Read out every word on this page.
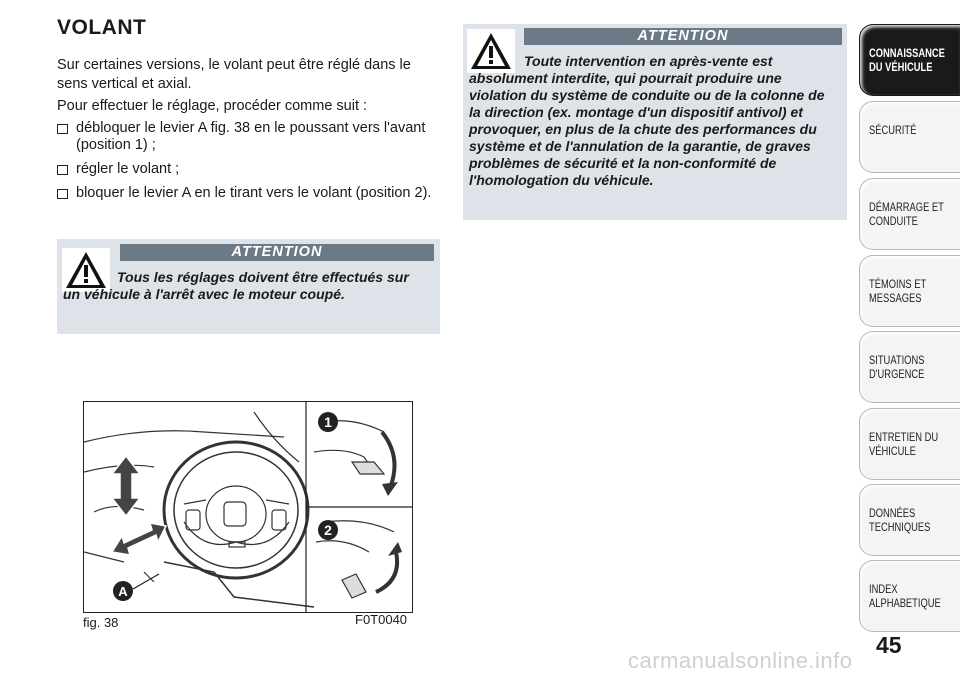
VOLANT

Sur certaines versions, le volant peut être réglé dans le sens vertical et axial.

Pour effectuer le réglage, procéder comme suit :

débloquer le levier A fig. 38 en le poussant vers l'avant (position 1) ;
régler le volant ;
bloquer le levier A en le tirant vers le volant (position 2).
ATTENTION

Tous les réglages doivent être effectués sur un véhicule à l'arrêt avec le moteur coupé.

ATTENTION

Toute intervention en après-vente est absolument interdite, qui pourrait produire une violation du système de conduite ou de la colonne de la direction (ex. montage d'un dispositif antivol) et provoquer, en plus de la chute des performances du système et de l'annulation de la garantie, de graves problèmes de sécurité et la non-conformité de l'homologation du véhicule.

1
2
A
fig. 38	F0T0040
CONNAISSANCE
DU VÉHICULE
SÉCURITÉ
DÉMARRAGE ET
CONDUITE
TÉMOINS ET
MESSAGES
SITUATIONS
D'URGENCE
ENTRETIEN DU
VÉHICULE
DONNÉES
TECHNIQUES
INDEX
ALPHABETIQUE
45
carmanualsonline.info
